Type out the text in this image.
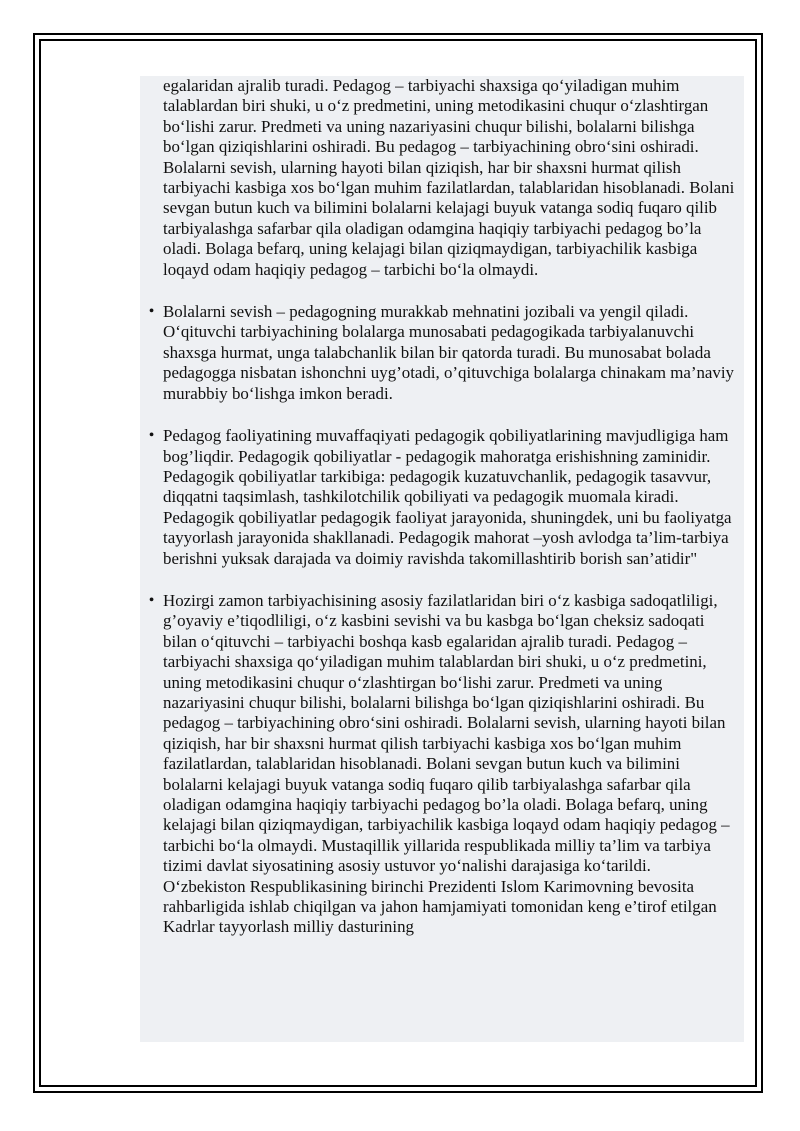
egalaridan ajralib turadi. Pedagog – tarbiyachi shaxsiga qo‘yiladigan muhim talablardan biri shuki, u o‘z predmetini, uning metodikasini chuqur o‘zlashtirgan bo‘lishi zarur. Predmeti va uning nazariyasini chuqur bilishi, bolalarni bilishga bo‘lgan qiziqishlarini oshiradi. Bu pedagog – tarbiyachining obro‘sini oshiradi. Bolalarni sevish, ularning hayoti bilan qiziqish, har bir shaxsni hurmat qilish tarbiyachi kasbiga xos bo‘lgan muhim fazilatlardan, talablaridan hisoblanadi. Bolani sevgan butun kuch va bilimini bolalarni kelajagi buyuk vatanga sodiq fuqaro qilib tarbiyalashga safarbar qila oladigan odamgina haqiqiy tarbiyachi pedagog bo’la oladi. Bolaga befarq, uning kelajagi bilan qiziqmaydigan, tarbiyachilik kasbiga loqayd odam haqiqiy pedagog – tarbichi bo‘la olmaydi.

• Bolalarni sevish – pedagogning murakkab mehnatini jozibali va yengil qiladi. O‘qituvchi tarbiyachining bolalarga munosabati pedagogikada tarbiyalanuvchi shaxsga hurmat, unga talabchanlik bilan bir qatorda turadi. Bu munosabat bolada pedagogga nisbatan ishonchni uyg’otadi, o’qituvchiga bolalarga chinakam ma’naviy murabbiy bo‘lishga imkon beradi.

• Pedagog faoliyatining muvaffaqiyati pedagogik qobiliyatlarining mavjudligiga ham bog’liqdir. Pedagogik qobiliyatlar - pedagogik mahoratga erishishning zaminidir. Pedagogik qobiliyatlar tarkibiga: pedagogik kuzatuvchanlik, pedagogik tasavvur, diqqatni taqsimlash, tashkilotchilik qobiliyati va pedagogik muomala kiradi. Pedagogik qobiliyatlar pedagogik faoliyat jarayonida, shuningdek, uni bu faoliyatga tayyorlash jarayonida shakllanadi. Pedagogik mahorat –yosh avlodga ta’lim-tarbiya berishni yuksak darajada va doimiy ravishda takomillashtirib borish san’atidir"

• Hozirgi zamon tarbiyachisining asosiy fazilatlaridan biri o‘z kasbiga sadoqatliligi, g’oyaviy e’tiqodliligi, o‘z kasbini sevishi va bu kasbga bo‘lgan cheksiz sadoqati bilan o‘qituvchi – tarbiyachi boshqa kasb egalaridan ajralib turadi. Pedagog – tarbiyachi shaxsiga qo‘yiladigan muhim talablardan biri shuki, u o‘z predmetini, uning metodikasini chuqur o‘zlashtirgan bo‘lishi zarur. Predmeti va uning nazariyasini chuqur bilishi, bolalarni bilishga bo‘lgan qiziqishlarini oshiradi. Bu pedagog – tarbiyachining obro‘sini oshiradi. Bolalarni sevish, ularning hayoti bilan qiziqish, har bir shaxsni hurmat qilish tarbiyachi kasbiga xos bo‘lgan muhim fazilatlardan, talablaridan hisoblanadi. Bolani sevgan butun kuch va bilimini bolalarni kelajagi buyuk vatanga sodiq fuqaro qilib tarbiyalashga safarbar qila oladigan odamgina haqiqiy tarbiyachi pedagog bo’la oladi. Bolaga befarq, uning kelajagi bilan qiziqmaydigan, tarbiyachilik kasbiga loqayd odam haqiqiy pedagog – tarbichi bo‘la olmaydi. Mustaqillik yillarida respublikada milliy ta’lim va tarbiya tizimi davlat siyosatining asosiy ustuvor yo‘nalishi darajasiga ko‘tarildi. O‘zbekiston Respublikasining birinchi Prezidenti Islom Karimovning bevosita rahbarligida ishlab chiqilgan va jahon hamjamiyati tomonidan keng e’tirof etilgan Kadrlar tayyorlash milliy dasturining
